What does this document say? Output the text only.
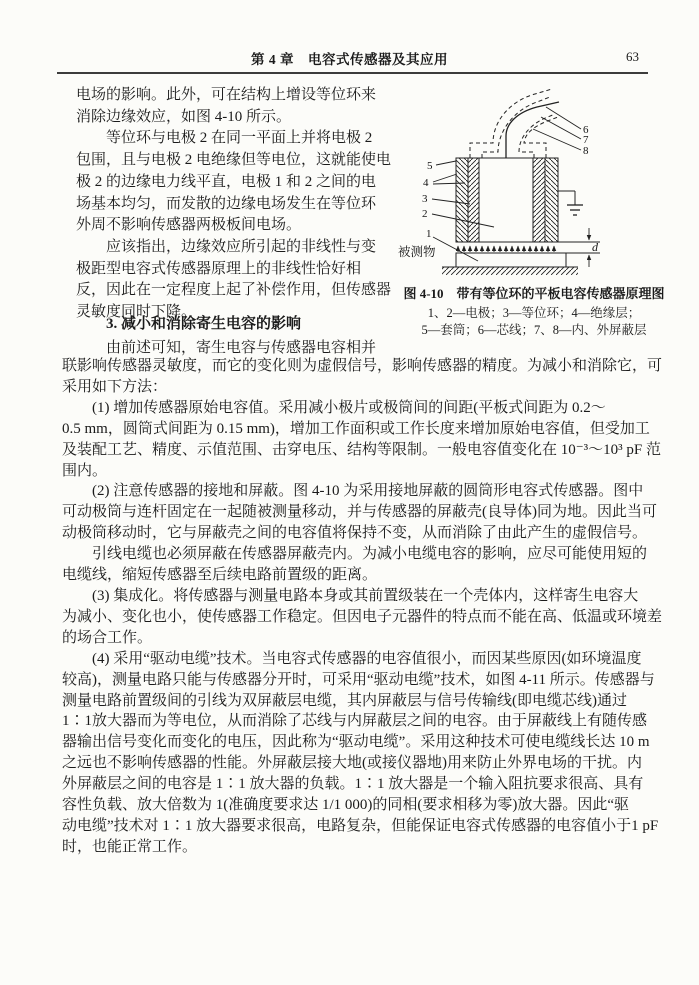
第 4 章 电容式传感器及其应用	63
电场的影响。此外，可在结构上增设等位环来
消除边缘效应，如图 4-10 所示。
　　等位环与电极 2 在同一平面上并将电极 2
包围，且与电极 2 电绝缘但等电位，这就能使电
极 2 的边缘电力线平直，电极 1 和 2 之间的电
场基本均匀，而发散的边缘电场发生在等位环
外周不影响传感器两极板间电场。
　　应该指出，边缘效应所引起的非线性与变
极距型电容式传感器原理上的非线性恰好相
反，因此在一定程度上起了补偿作用，但传感器
灵敏度同时下降。
5
4
3
2
1
6
7
8
被测物	d
图 4-10　带有等位环的平板电容传感器原理图
1、2—电极；3—等位环；4—绝缘层；
5—套筒；6—芯线；7、8—内、外屏蔽层
3. 减小和消除寄生电容的影响
　　由前述可知，寄生电容与传感器电容相并
联影响传感器灵敏度，而它的变化则为虚假信号，影响传感器的精度。为减小和消除它，可
采用如下方法：
　　(1) 增加传感器原始电容值。采用减小极片或极筒间的间距(平板式间距为 0.2～
0.5 mm，圆筒式间距为 0.15 mm)，增加工作面积或工作长度来增加原始电容值，但受加工
及装配工艺、精度、示值范围、击穿电压、结构等限制。一般电容值变化在 10⁻³～10³ pF 范
围内。
　　(2) 注意传感器的接地和屏蔽。图 4-10 为采用接地屏蔽的圆筒形电容式传感器。图中
可动极筒与连杆固定在一起随被测量移动，并与传感器的屏蔽壳(良导体)同为地。因此当可
动极筒移动时，它与屏蔽壳之间的电容值将保持不变，从而消除了由此产生的虚假信号。
　　引线电缆也必须屏蔽在传感器屏蔽壳内。为减小电缆电容的影响，应尽可能使用短的
电缆线，缩短传感器至后续电路前置级的距离。
　　(3) 集成化。将传感器与测量电路本身或其前置级装在一个壳体内，这样寄生电容大
为减小、变化也小，使传感器工作稳定。但因电子元器件的特点而不能在高、低温或环境差
的场合工作。
　　(4) 采用“驱动电缆”技术。当电容式传感器的电容值很小，而因某些原因(如环境温度
较高)，测量电路只能与传感器分开时，可采用“驱动电缆”技术，如图 4-11 所示。传感器与
测量电路前置级间的引线为双屏蔽层电缆，其内屏蔽层与信号传输线(即电缆芯线)通过
1∶1放大器而为等电位，从而消除了芯线与内屏蔽层之间的电容。由于屏蔽线上有随传感
器输出信号变化而变化的电压，因此称为“驱动电缆”。采用这种技术可使电缆线长达 10 m
之远也不影响传感器的性能。外屏蔽层接大地(或接仪器地)用来防止外界电场的干扰。内
外屏蔽层之间的电容是 1∶1 放大器的负载。1∶1 放大器是一个输入阻抗要求很高、具有
容性负载、放大倍数为 1(准确度要求达 1/1 000)的同相(要求相移为零)放大器。因此“驱
动电缆”技术对 1∶1 放大器要求很高，电路复杂，但能保证电容式传感器的电容值小于1 pF
时，也能正常工作。
